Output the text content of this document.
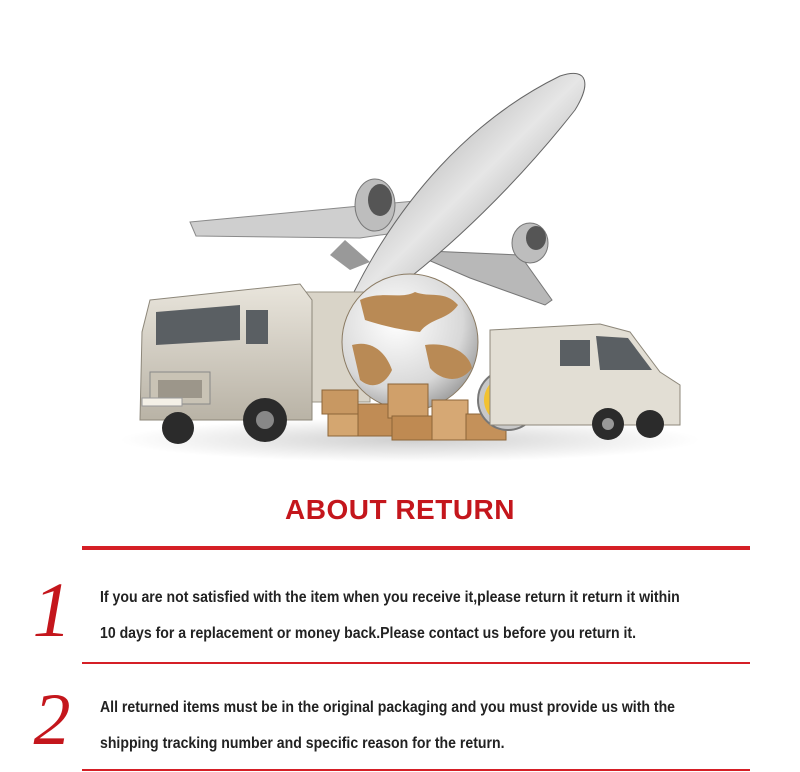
ABOUT RETURN
1	If you are not satisfied with the item when you receive it,please return it return it within
10 days for a replacement or money back.Please contact us before you return it.
2	All returned items must be in the original packaging and you must provide us with the
shipping tracking number and specific reason for the return.
